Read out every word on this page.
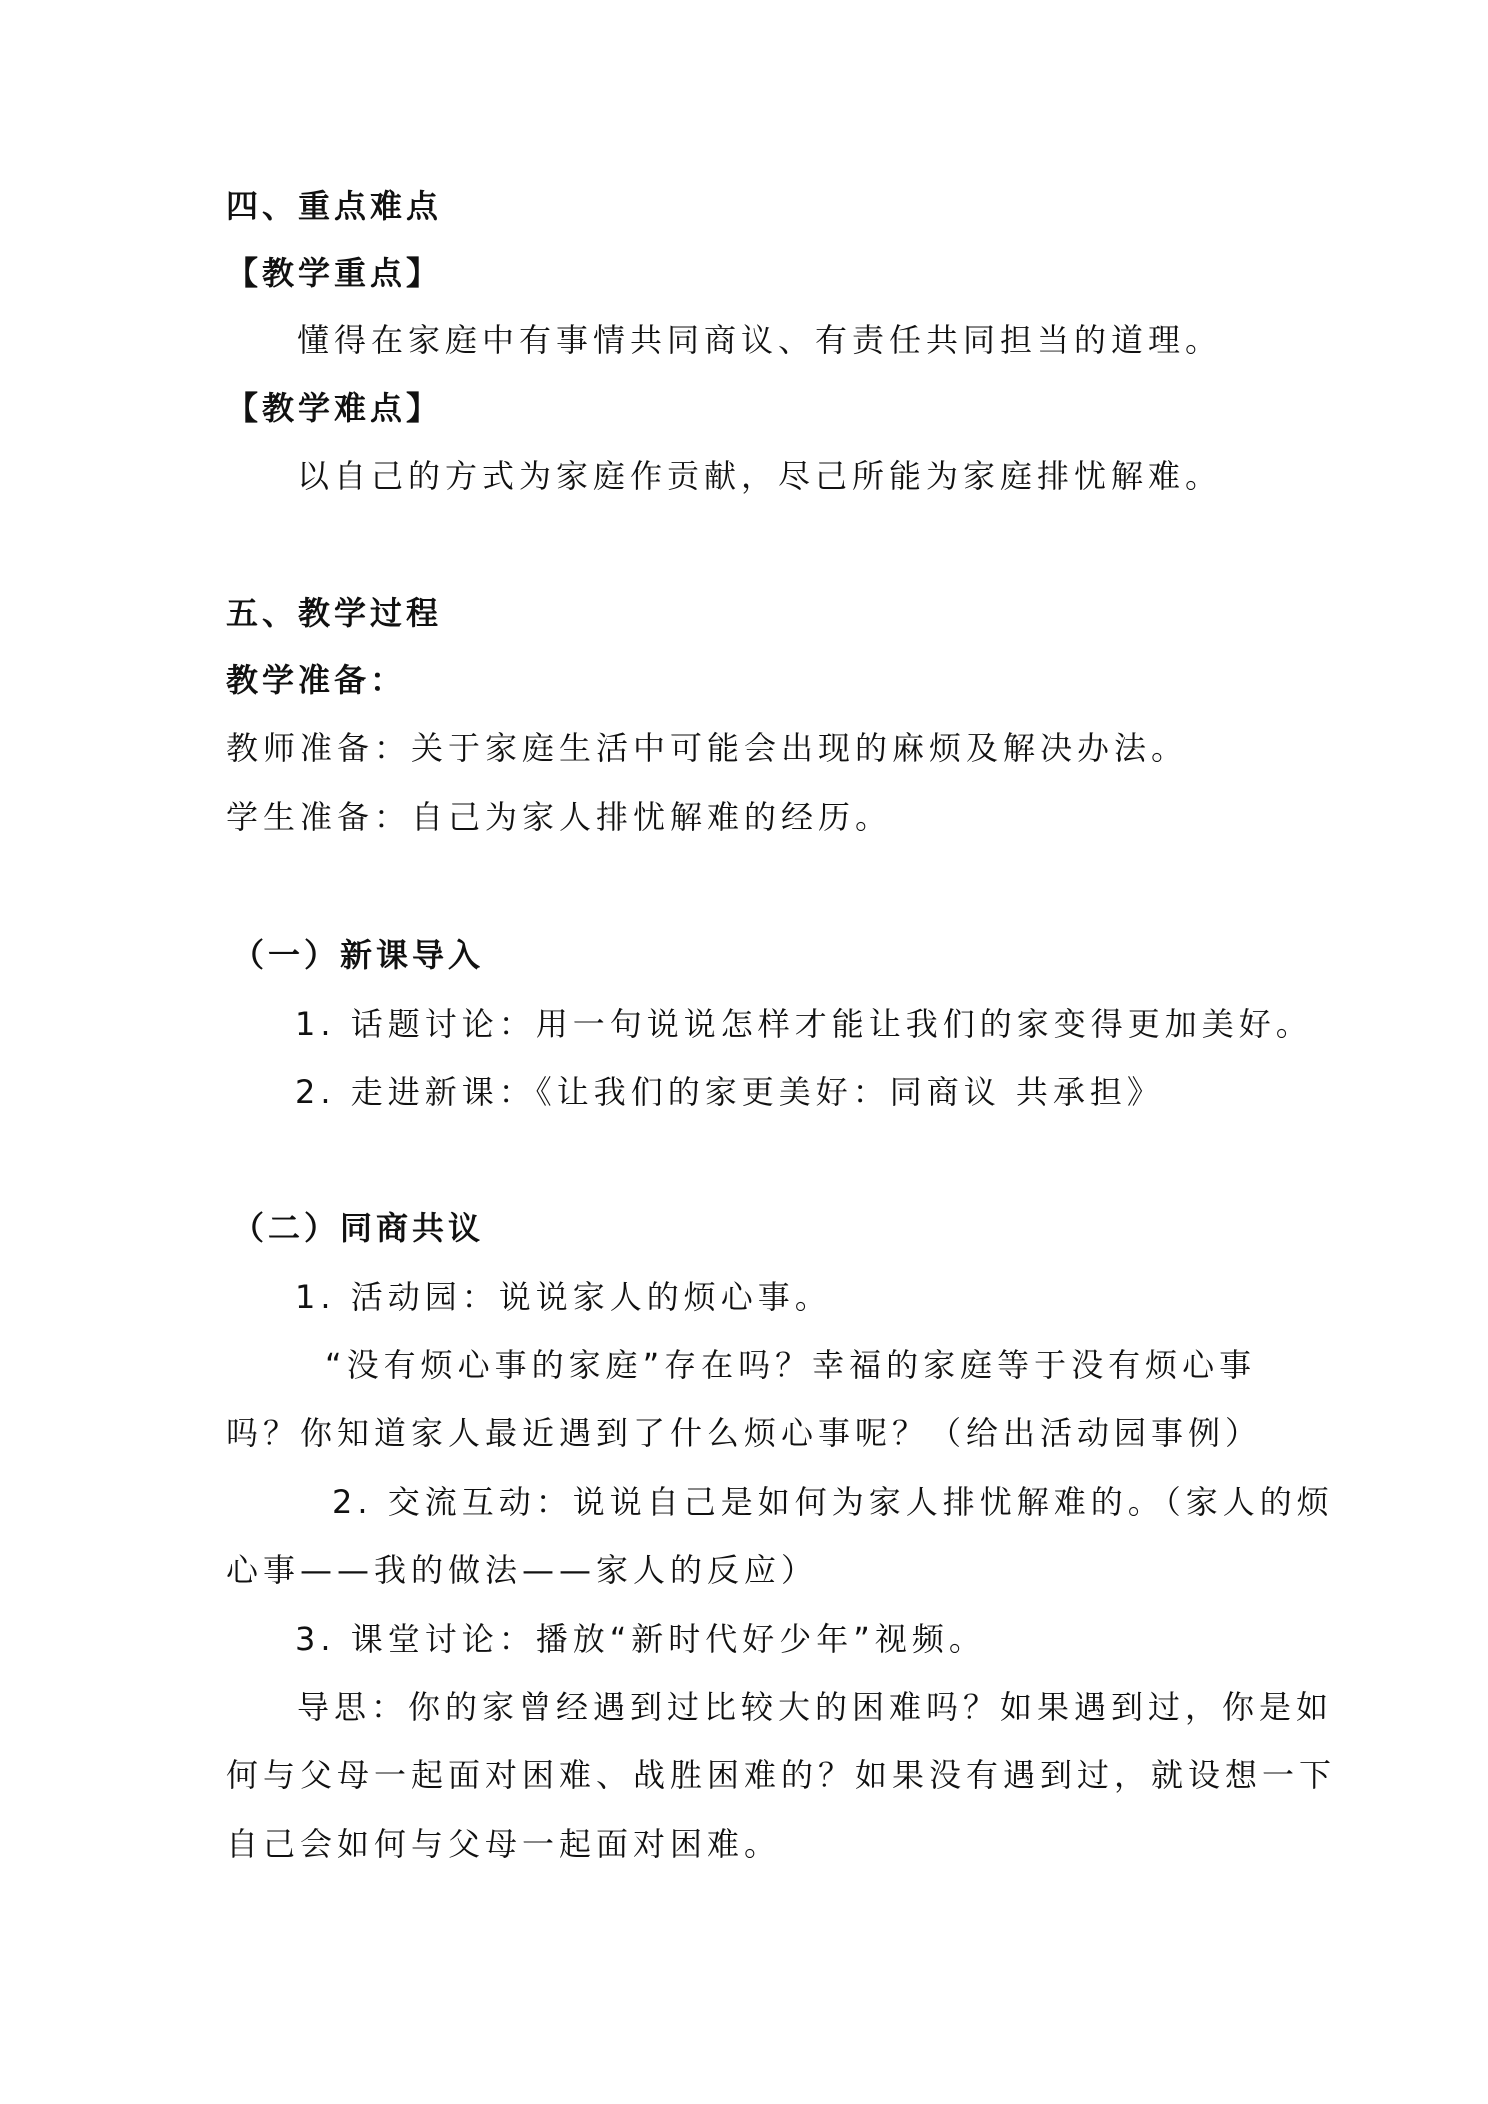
四、重点难点
【教学重点】
懂得在家庭中有事情共同商议、有责任共同担当的道理。
【教学难点】
以自己的方式为家庭作贡献，尽己所能为家庭排忧解难。
五、教学过程
教学准备：
教师准备：关于家庭生活中可能会出现的麻烦及解决办法。
学生准备：自己为家人排忧解难的经历。
（一）新课导入
1. 话题讨论：用一句说说怎样才能让我们的家变得更加美好。
2. 走进新课：《让我们的家更美好：同商议 共承担》
（二）同商共议
1. 活动园：说说家人的烦心事。
“没有烦心事的家庭”存在吗？幸福的家庭等于没有烦心事
吗？你知道家人最近遇到了什么烦心事呢？（给出活动园事例）
2. 交流互动：说说自己是如何为家人排忧解难的。（家人的烦
心事——我的做法——家人的反应）
3. 课堂讨论：播放“新时代好少年”视频。
导思：你的家曾经遇到过比较大的困难吗？如果遇到过，你是如
何与父母一起面对困难、战胜困难的？如果没有遇到过，就设想一下
自己会如何与父母一起面对困难。
